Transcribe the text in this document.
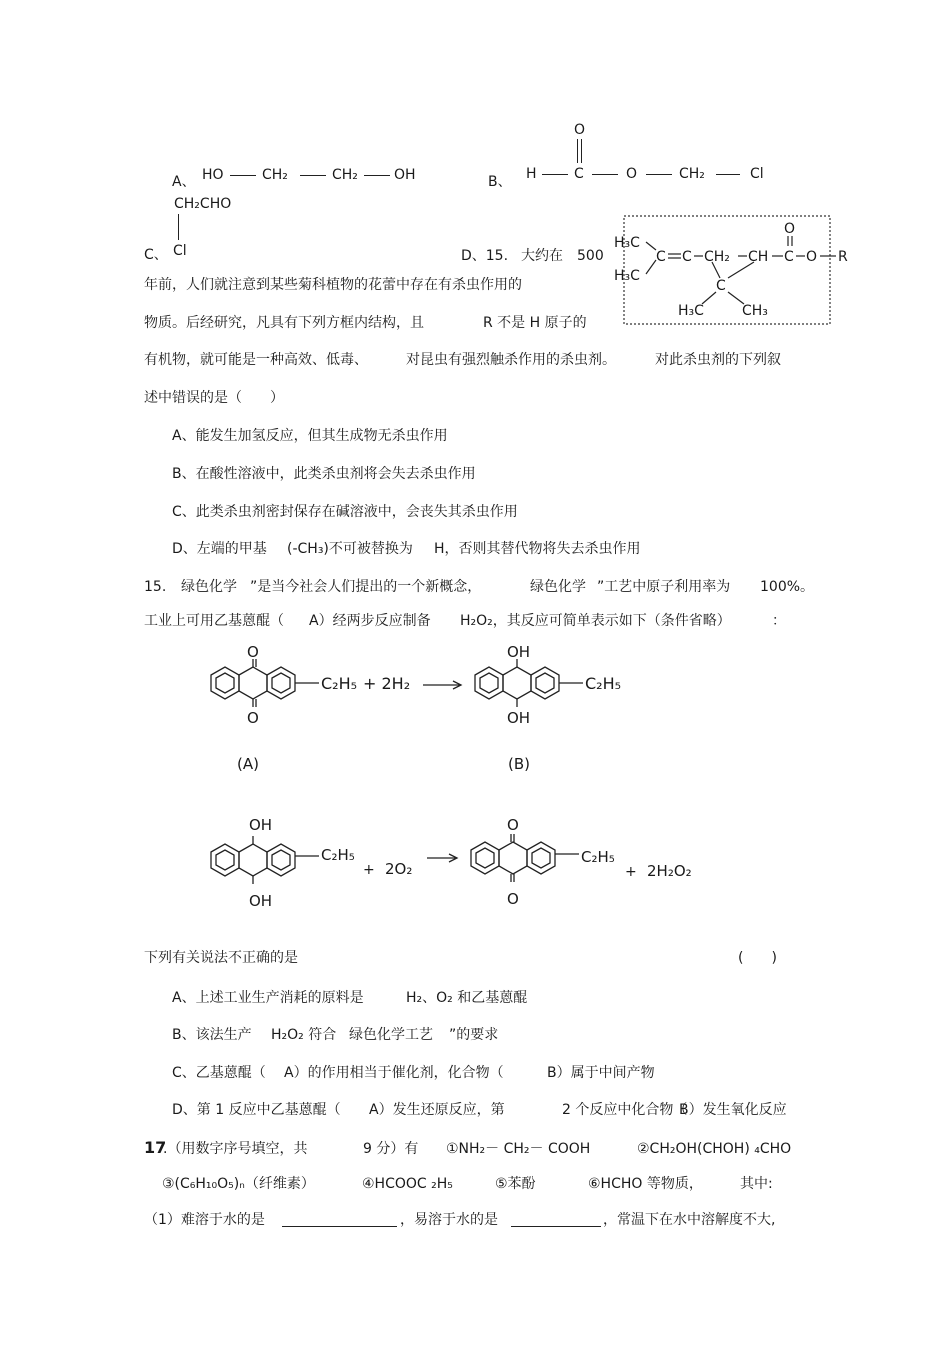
A、 HO	CH₂	CH₂	OH	B、
O
H	C	O	CH₂	Cl
CH₂CHO
C、 Cl	D、15. 大约在 500
H₃C
H₃C
C C CH₂ CH C O R
O
C
H₃C	CH₃
年前，人们就注意到某些菊科植物的花蕾中存在有杀虫作用的
物质。后经研究，凡具有下列方框内结构，且	R 不是 H 原子的
有机物，就可能是一种高效、低毒、	对昆虫有强烈触杀作用的杀虫剂。	对此杀虫剂的下列叙
述中错误的是（　　）
A、能发生加氢反应，但其生成物无杀虫作用
B、在酸性溶液中，此类杀虫剂将会失去杀虫作用
C、此类杀虫剂密封保存在碱溶液中，会丧失其杀虫作用
D、左端的甲基 (-CH₃)不可被替换为 H，否则其替代物将失去杀虫作用
15. 绿色化学 ”是当今社会人们提出的一个新概念，	绿色化学 ”工艺中原子利用率为 100%。
工业上可用乙基蒽醌（ A）经两步反应制备 H₂O₂，其反应可简单表示如下（条件省略）	：
O
O
C₂H₅ + 2H₂
OH
OH
C₂H₅
(A)	(B)
OH
OH
C₂H₅
+ 2O₂
O
O
C₂H₅
+ 2H₂O₂
下列有关说法不正确的是	(　　)
A、上述工业生产消耗的原料是	H₂、O₂ 和乙基蒽醌
B、该法生产 H₂O₂ 符合 绿色化学工艺 ”的要求
C、乙基蒽醌（ A）的作用相当于催化剂，化合物（	B）属于中间产物
D、第 1 反应中乙基蒽醌（ A）发生还原反应，第	2 个反应中化合物（
B）发生氧化反应
17
.（用数字序号填空，共	9 分）有 ①NH₂－ CH₂－ COOH	②CH₂OH(CHOH) ₄CHO
③(C₆H₁₀O₅)ₙ（纤维素）	④HCOOC ₂H₅	⑤苯酚	⑥HCHO 等物质，	其中:
（1）难溶于水的是	，易溶于水的是	，常温下在水中溶解度不大,
